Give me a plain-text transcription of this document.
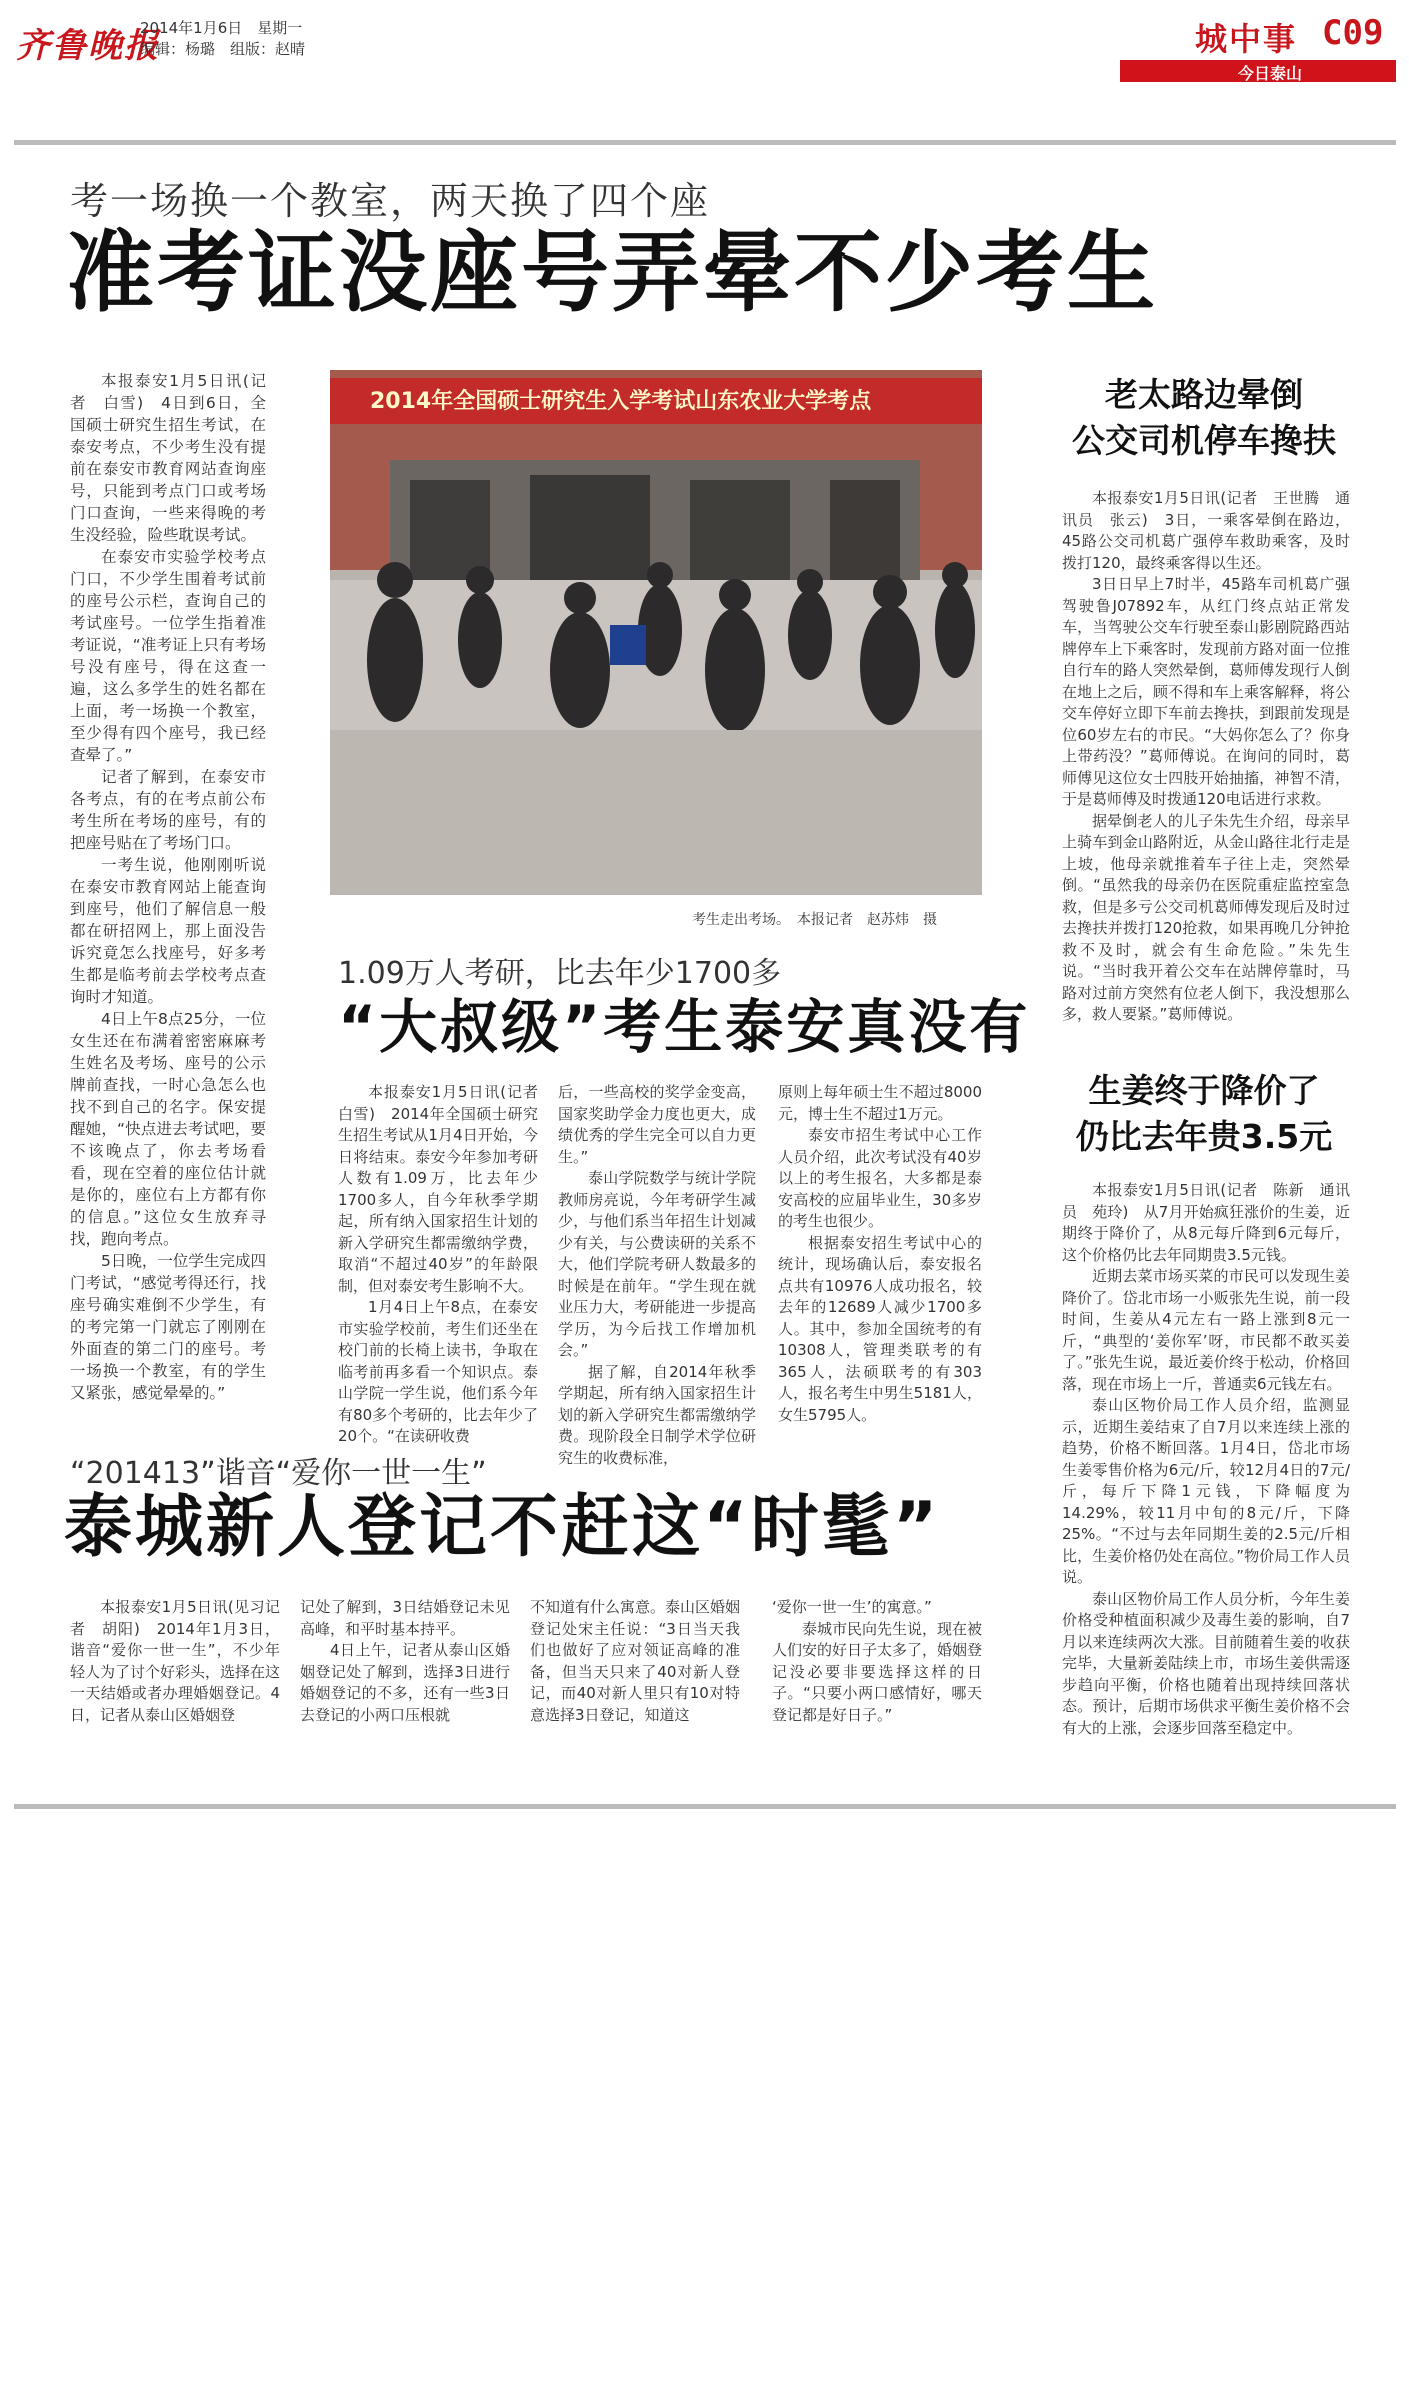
齐鲁晚报
2014年1月6日　星期一
编辑：杨璐　组版：赵晴	城中事 C09
今日泰山
考一场换一个教室，两天换了四个座
准考证没座号弄晕不少考生

本报泰安1月5日讯(记者　白雪)　4日到6日，全国硕士研究生招生考试，在泰安考点，不少考生没有提前在泰安市教育网站查询座号，只能到考点门口或考场门口查询，一些来得晚的考生没经验，险些耽误考试。

在泰安市实验学校考点门口，不少学生围着考试前的座号公示栏，查询自己的考试座号。一位学生指着准考证说，“准考证上只有考场号没有座号，得在这查一遍，这么多学生的姓名都在上面，考一场换一个教室，至少得有四个座号，我已经查晕了。”

记者了解到，在泰安市各考点，有的在考点前公布考生所在考场的座号，有的把座号贴在了考场门口。

一考生说，他刚刚听说在泰安市教育网站上能查询到座号，他们了解信息一般都在研招网上，那上面没告诉究竟怎么找座号，好多考生都是临考前去学校考点查询时才知道。

4日上午8点25分，一位女生还在布满着密密麻麻考生姓名及考场、座号的公示牌前查找，一时心急怎么也找不到自己的名字。保安提醒她，“快点进去考试吧，要不该晚点了，你去考场看看，现在空着的座位估计就是你的，座位右上方都有你的信息。”这位女生放弃寻找，跑向考点。

5日晚，一位学生完成四门考试，“感觉考得还行，找座号确实难倒不少学生，有的考完第一门就忘了刚刚在外面查的第二门的座号。考一场换一个教室，有的学生又紧张，感觉晕晕的。”

2014年全国硕士研究生入学考试山东农业大学考点
考生走出考场。　本报记者　赵苏炜　摄
1.09万人考研，比去年少1700多
“大叔级”考生泰安真没有

本报泰安1月5日讯(记者　白雪)　2014年全国硕士研究生招生考试从1月4日开始，今日将结束。泰安今年参加考研人数有1.09万，比去年少1700多人，自今年秋季学期起，所有纳入国家招生计划的新入学研究生都需缴纳学费，取消“不超过40岁”的年龄限制，但对泰安考生影响不大。

1月4日上午8点，在泰安市实验学校前，考生们还坐在校门前的长椅上读书，争取在临考前再多看一个知识点。泰山学院一学生说，他们系今年有80多个考研的，比去年少了20个。“在读研收费

后，一些高校的奖学金变高，国家奖助学金力度也更大，成绩优秀的学生完全可以自力更生。”

泰山学院数学与统计学院教师房亮说，今年考研学生减少，与他们系当年招生计划减少有关，与公费读研的关系不大，他们学院考研人数最多的时候是在前年。“学生现在就业压力大，考研能进一步提高学历，为今后找工作增加机会。”

据了解，自2014年秋季学期起，所有纳入国家招生计划的新入学研究生都需缴纳学费。现阶段全日制学术学位研究生的收费标准，

原则上每年硕士生不超过8000元，博士生不超过1万元。

泰安市招生考试中心工作人员介绍，此次考试没有40岁以上的考生报名，大多都是泰安高校的应届毕业生，30多岁的考生也很少。

根据泰安招生考试中心的统计，现场确认后，泰安报名点共有10976人成功报名，较去年的12689人减少1700多人。其中，参加全国统考的有10308人，管理类联考的有365人，法硕联考的有303人，报名考生中男生5181人，女生5795人。

“201413”谐音“爱你一世一生”
泰城新人登记不赶这“时髦”

本报泰安1月5日讯(见习记者　胡阳)　2014年1月3日，谐音“爱你一世一生”，不少年轻人为了讨个好彩头，选择在这一天结婚或者办理婚姻登记。4日，记者从泰山区婚姻登

记处了解到，3日结婚登记未见高峰，和平时基本持平。

4日上午，记者从泰山区婚姻登记处了解到，选择3日进行婚姻登记的不多，还有一些3日去登记的小两口压根就

不知道有什么寓意。泰山区婚姻登记处宋主任说：“3日当天我们也做好了应对领证高峰的准备，但当天只来了40对新人登记，而40对新人里只有10对特意选择3日登记，知道这

‘爱你一世一生’的寓意。”

泰城市民向先生说，现在被人们安的好日子太多了，婚姻登记没必要非要选择这样的日子。“只要小两口感情好，哪天登记都是好日子。”

老太路边晕倒
公交司机停车搀扶

本报泰安1月5日讯(记者　王世腾　通讯员　张云)　3日，一乘客晕倒在路边，45路公交司机葛广强停车救助乘客，及时拨打120，最终乘客得以生还。

3日日早上7时半，45路车司机葛广强驾驶鲁J07892车，从红门终点站正常发车，当驾驶公交车行驶至泰山影剧院路西站牌停车上下乘客时，发现前方路对面一位推自行车的路人突然晕倒，葛师傅发现行人倒在地上之后，顾不得和车上乘客解释，将公交车停好立即下车前去搀扶，到跟前发现是位60岁左右的市民。“大妈你怎么了？你身上带药没？”葛师傅说。在询问的同时，葛师傅见这位女士四肢开始抽搐，神智不清，于是葛师傅及时拨通120电话进行求救。

据晕倒老人的儿子朱先生介绍，母亲早上骑车到金山路附近，从金山路往北行走是上坡，他母亲就推着车子往上走，突然晕倒。“虽然我的母亲仍在医院重症监控室急救，但是多亏公交司机葛师傅发现后及时过去搀扶并拨打120抢救，如果再晚几分钟抢救不及时，就会有生命危险。”朱先生说。“当时我开着公交车在站牌停靠时，马路对过前方突然有位老人倒下，我没想那么多，救人要紧。”葛师傅说。

生姜终于降价了
仍比去年贵3.5元

本报泰安1月5日讯(记者　陈新　通讯员　苑玲)　从7月开始疯狂涨价的生姜，近期终于降价了，从8元每斤降到6元每斤，这个价格仍比去年同期贵3.5元钱。

近期去菜市场买菜的市民可以发现生姜降价了。岱北市场一小贩张先生说，前一段时间，生姜从4元左右一路上涨到8元一斤，“典型的‘姜你军’呀，市民都不敢买姜了。”张先生说，最近姜价终于松动，价格回落，现在市场上一斤，普通卖6元钱左右。

泰山区物价局工作人员介绍，监测显示，近期生姜结束了自7月以来连续上涨的趋势，价格不断回落。1月4日，岱北市场生姜零售价格为6元/斤，较12月4日的7元/斤，每斤下降1元钱，下降幅度为14.29%，较11月中旬的8元/斤，下降25%。“不过与去年同期生姜的2.5元/斤相比，生姜价格仍处在高位。”物价局工作人员说。

泰山区物价局工作人员分析，今年生姜价格受种植面积减少及毒生姜的影响，自7月以来连续两次大涨。目前随着生姜的收获完毕，大量新姜陆续上市，市场生姜供需逐步趋向平衡，价格也随着出现持续回落状态。预计，后期市场供求平衡生姜价格不会有大的上涨，会逐步回落至稳定中。
